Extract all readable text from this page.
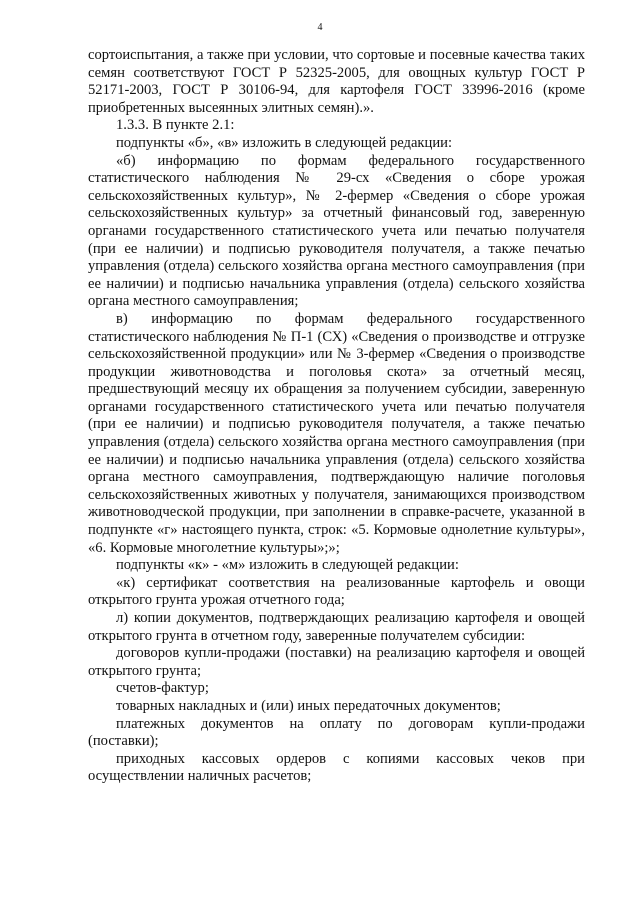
4

сортоиспытания, а также при условии, что сортовые и посевные качества таких семян соответствуют ГОСТ Р 52325-2005, для овощных культур ГОСТ Р 52171-2003, ГОСТ Р 30106-94, для картофеля ГОСТ 33996-2016 (кроме приобретенных высеянных элитных семян).».

1.3.3. В пункте 2.1:

подпункты «б», «в» изложить в следующей редакции:

«б) информацию по формам федерального государственного статистического наблюдения № 29-сх «Сведения о сборе урожая сельскохозяйственных культур», № 2-фермер «Сведения о сборе урожая сельскохозяйственных культур» за отчетный финансовый год, заверенную органами государственного статистического учета или печатью получателя (при ее наличии) и подписью руководителя получателя, а также печатью управления (отдела) сельского хозяйства органа местного самоуправления (при ее наличии) и подписью начальника управления (отдела) сельского хозяйства органа местного самоуправления;

в) информацию по формам федерального государственного статистического наблюдения № П-1 (СХ) «Сведения о производстве и отгрузке сельскохозяйственной продукции» или № 3-фермер «Сведения о производстве продукции животноводства и поголовья скота» за отчетный месяц, предшествующий месяцу их обращения за получением субсидии, заверенную органами государственного статистического учета или печатью получателя (при ее наличии) и подписью руководителя получателя, а также печатью управления (отдела) сельского хозяйства органа местного самоуправления (при ее наличии) и подписью начальника управления (отдела) сельского хозяйства органа местного самоуправления, подтверждающую наличие поголовья сельскохозяйственных животных у получателя, занимающихся производством животноводческой продукции, при заполнении в справке-расчете, указанной в подпункте «г» настоящего пункта, строк: «5. Кормовые однолетние культуры», «6. Кормовые многолетние культуры»;»;

подпункты «к» - «м» изложить в следующей редакции:

«к) сертификат соответствия на реализованные картофель и овощи открытого грунта урожая отчетного года;

л) копии документов, подтверждающих реализацию картофеля и овощей открытого грунта в отчетном году, заверенные получателем субсидии:

договоров купли-продажи (поставки) на реализацию картофеля и овощей открытого грунта;

счетов-фактур;

товарных накладных и (или) иных передаточных документов;

платежных документов на оплату по договорам купли-продажи (поставки);

приходных кассовых ордеров с копиями кассовых чеков при осуществлении наличных расчетов;
